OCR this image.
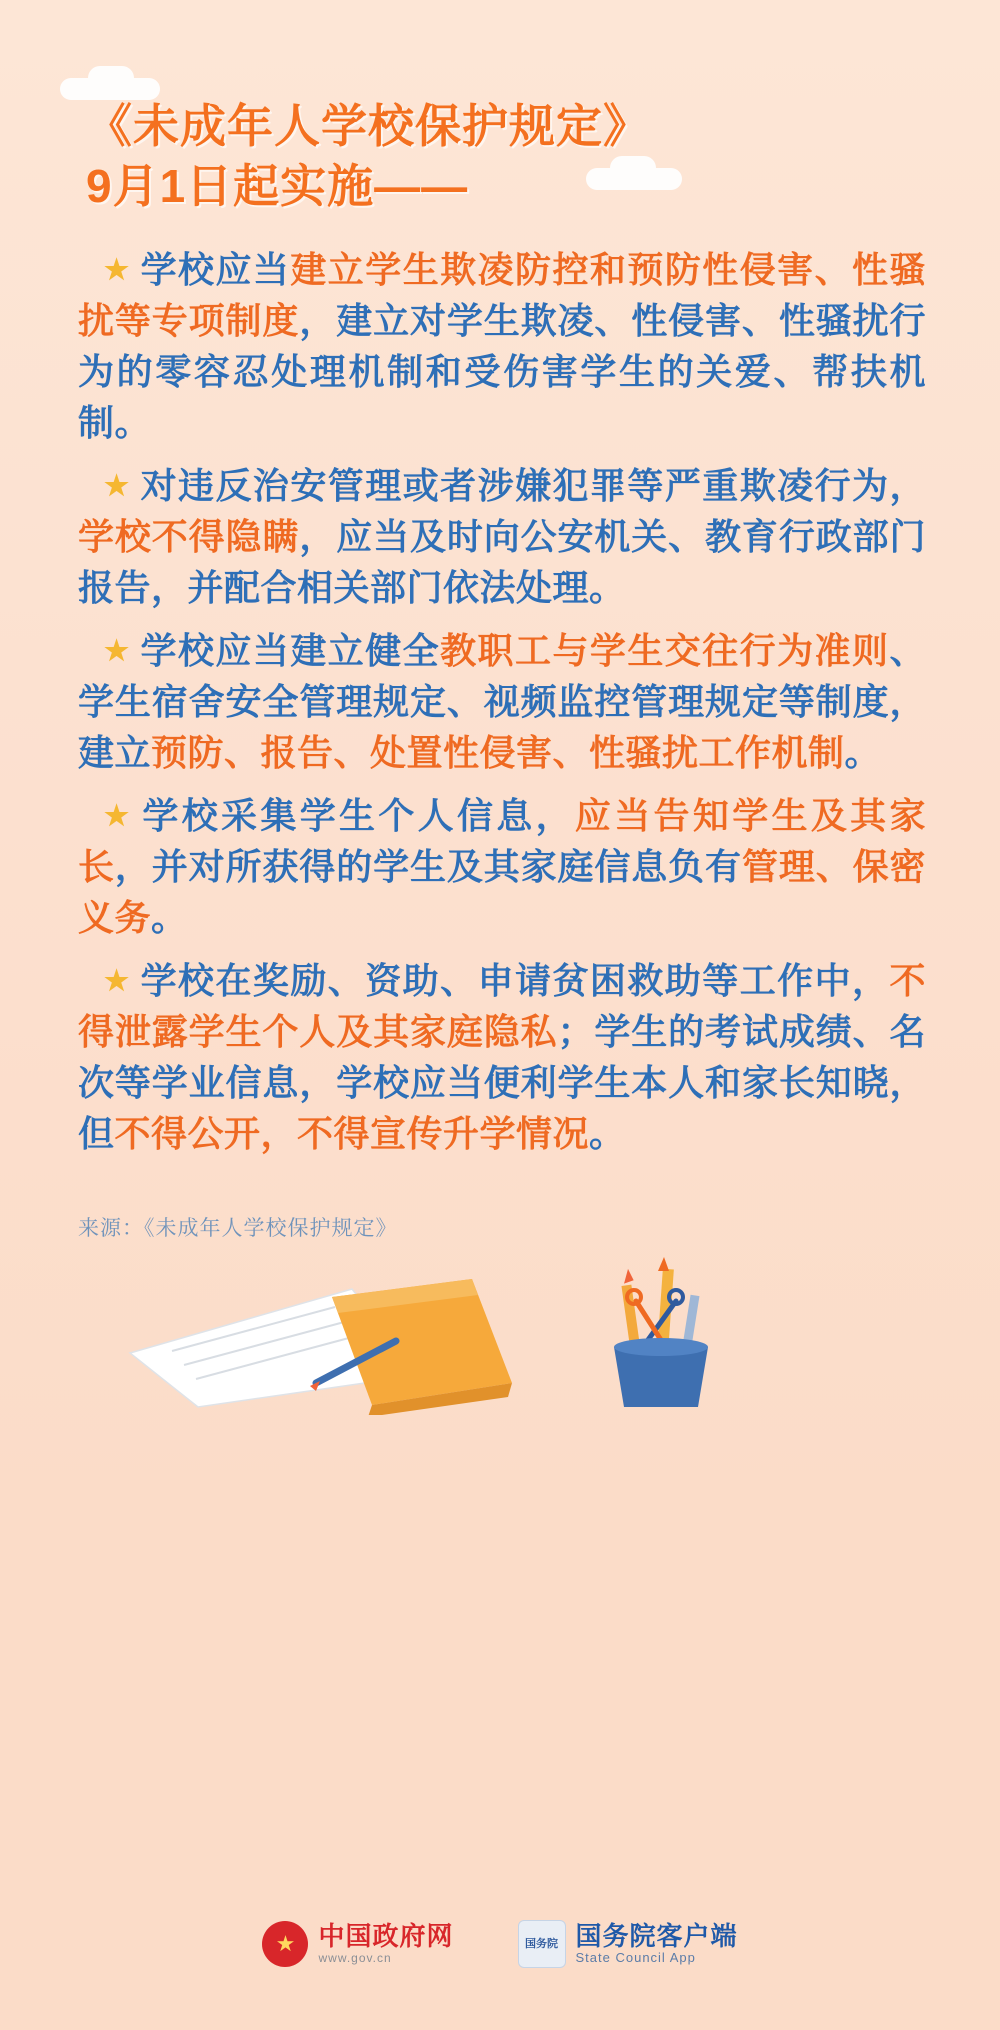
《未成年人学校保护规定》
9月1日起实施——

★ 学校应当建立学生欺凌防控和预防性侵害、性骚扰等专项制度，建立对学生欺凌、性侵害、性骚扰行为的零容忍处理机制和受伤害学生的关爱、帮扶机制。

★ 对违反治安管理或者涉嫌犯罪等严重欺凌行为，学校不得隐瞒，应当及时向公安机关、教育行政部门报告，并配合相关部门依法处理。

★ 学校应当建立健全教职工与学生交往行为准则、学生宿舍安全管理规定、视频监控管理规定等制度，建立预防、报告、处置性侵害、性骚扰工作机制。

★ 学校采集学生个人信息，应当告知学生及其家长，并对所获得的学生及其家庭信息负有管理、保密义务。

★ 学校在奖励、资助、申请贫困救助等工作中，不得泄露学生个人及其家庭隐私；学生的考试成绩、名次等学业信息，学校应当便利学生本人和家长知晓，但不得公开，不得宣传升学情况。

来源：《未成年人学校保护规定》
★ 中国政府网
www.gov.cn
国务院 国务院客户端
State Council App
